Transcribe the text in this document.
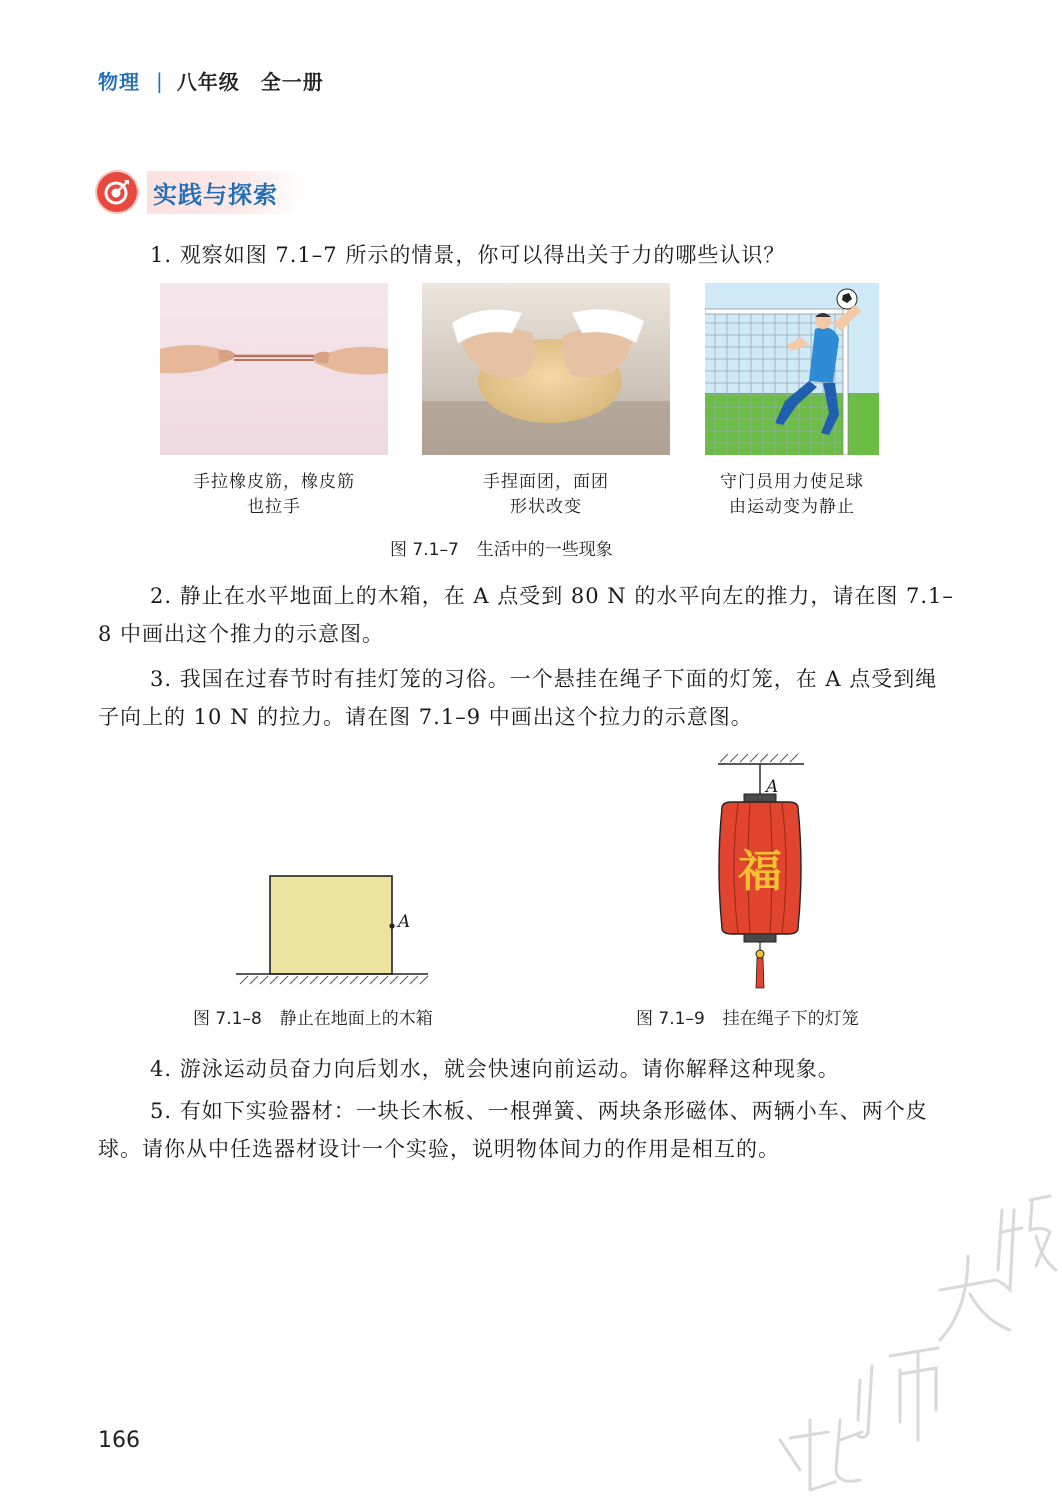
物理 | 八年级　全一册
实践与探索
1. 观察如图 7.1–7 所示的情景，你可以得出关于力的哪些认识？
手拉橡皮筋，橡皮筋
也拉手
手捏面团，面团
形状改变
守门员用力使足球
由运动变为静止
图 7.1–7 生活中的一些现象
2. 静止在水平地面上的木箱，在 A 点受到 80 N 的水平向左的推力，请在图 7.1–8 中画出这个推力的示意图。
3. 我国在过春节时有挂灯笼的习俗。一个悬挂在绳子下面的灯笼，在 A 点受到绳子向上的 10 N 的拉力。请在图 7.1–9 中画出这个拉力的示意图。
A
图 7.1–8 静止在地面上的木箱
福
A
图 7.1–9 挂在绳子下的灯笼
4. 游泳运动员奋力向后划水，就会快速向前运动。请你解释这种现象。
5. 有如下实验器材：一块长木板、一根弹簧、两块条形磁体、两辆小车、两个皮球。请你从中任选器材设计一个实验，说明物体间力的作用是相互的。
166
